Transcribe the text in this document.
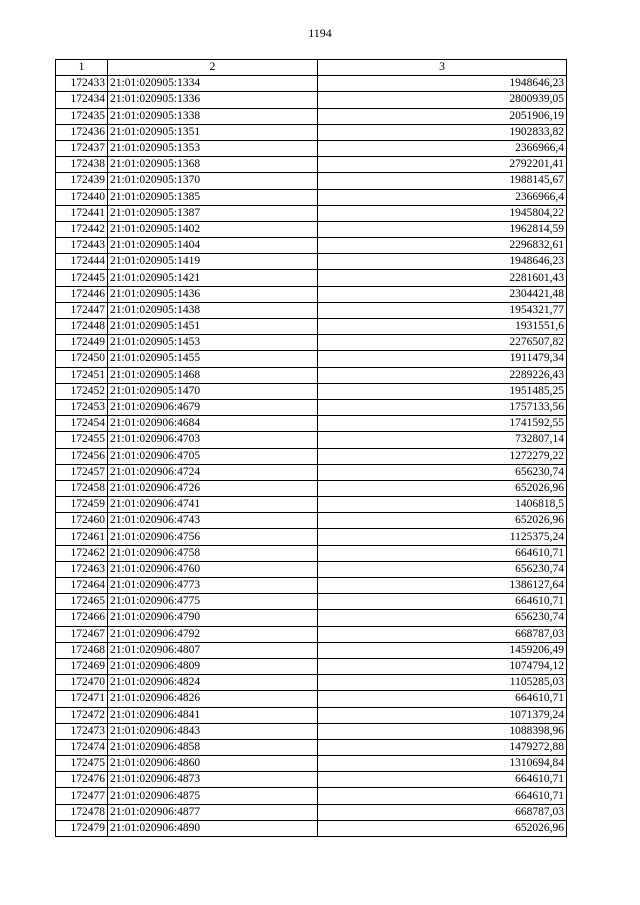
1194
1	2	3
172433	21:01:020905:1334	1948646,23
172434	21:01:020905:1336	2800939,05
172435	21:01:020905:1338	2051906,19
172436	21:01:020905:1351	1902833,82
172437	21:01:020905:1353	2366966,4
172438	21:01:020905:1368	2792201,41
172439	21:01:020905:1370	1988145,67
172440	21:01:020905:1385	2366966,4
172441	21:01:020905:1387	1945804,22
172442	21:01:020905:1402	1962814,59
172443	21:01:020905:1404	2296832,61
172444	21:01:020905:1419	1948646,23
172445	21:01:020905:1421	2281601,43
172446	21:01:020905:1436	2304421,48
172447	21:01:020905:1438	1954321,77
172448	21:01:020905:1451	1931551,6
172449	21:01:020905:1453	2276507,82
172450	21:01:020905:1455	1911479,34
172451	21:01:020905:1468	2289226,43
172452	21:01:020905:1470	1951485,25
172453	21:01:020906:4679	1757133,56
172454	21:01:020906:4684	1741592,55
172455	21:01:020906:4703	732807,14
172456	21:01:020906:4705	1272279,22
172457	21:01:020906:4724	656230,74
172458	21:01:020906:4726	652026,96
172459	21:01:020906:4741	1406818,5
172460	21:01:020906:4743	652026,96
172461	21:01:020906:4756	1125375,24
172462	21:01:020906:4758	664610,71
172463	21:01:020906:4760	656230,74
172464	21:01:020906:4773	1386127,64
172465	21:01:020906:4775	664610,71
172466	21:01:020906:4790	656230,74
172467	21:01:020906:4792	668787,03
172468	21:01:020906:4807	1459206,49
172469	21:01:020906:4809	1074794,12
172470	21:01:020906:4824	1105285,03
172471	21:01:020906:4826	664610,71
172472	21:01:020906:4841	1071379,24
172473	21:01:020906:4843	1088398,96
172474	21:01:020906:4858	1479272,88
172475	21:01:020906:4860	1310694,84
172476	21:01:020906:4873	664610,71
172477	21:01:020906:4875	664610,71
172478	21:01:020906:4877	668787,03
172479	21:01:020906:4890	652026,96
